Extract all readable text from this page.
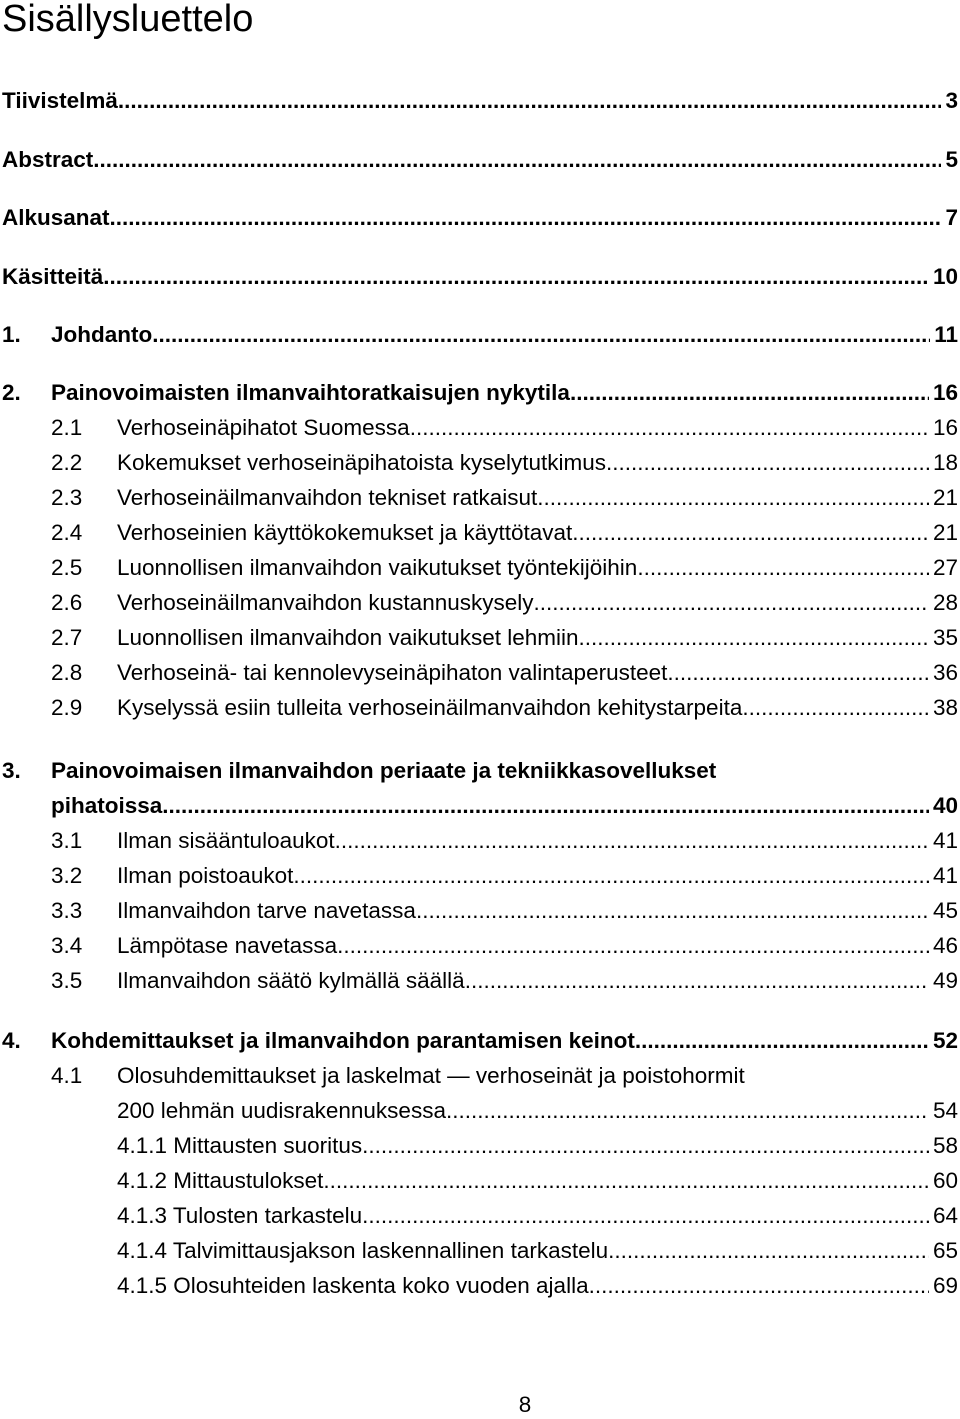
Sisällysluettelo
Tiivistelmä .....	3
Abstract .....	5
Alkusanat .....	7
Käsitteitä .....	10
1. Johdanto .....	11
2. Painovoimaisten ilmanvaihtoratkaisujen nykytila .....	16
2.1 Verhoseinäpihatot Suomessa .....	16
2.2 Kokemukset verhoseinäpihatoista kyselytutkimus .....	18
2.3 Verhoseinäilmanvaihdon tekniset ratkaisut .....	21
2.4 Verhoseinien käyttökokemukset ja käyttötavat .....	21
2.5 Luonnollisen ilmanvaihdon vaikutukset työntekijöihin .....	27
2.6 Verhoseinäilmanvaihdon kustannuskysely .....	28
2.7 Luonnollisen ilmanvaihdon vaikutukset lehmiin .....	35
2.8 Verhoseinä- tai kennolevyseinäpihaton valintaperusteet .....	36
2.9 Kyselyssä esiin tulleita verhoseinäilmanvaihdon kehitystarpeita .....	38
3. Painovoimaisen ilmanvaihdon periaate ja tekniikkasovellukset
pihatoissa .....	40
3.1 Ilman sisääntuloaukot .....	41
3.2 Ilman poistoaukot .....	41
3.3 Ilmanvaihdon tarve navetassa .....	45
3.4 Lämpötase navetassa .....	46
3.5 Ilmanvaihdon säätö kylmällä säällä .....	49
4. Kohdemittaukset ja ilmanvaihdon parantamisen keinot .....	52
4.1 Olosuhdemittaukset ja laskelmat — verhoseinät ja poistohormit
200 lehmän uudisrakennuksessa .....	54
4.1.1 Mittausten suoritus .....	58
4.1.2 Mittaustulokset .....	60
4.1.3 Tulosten tarkastelu .....	64
4.1.4 Talvimittausjakson laskennallinen tarkastelu. .....	65
4.1.5 Olosuhteiden laskenta koko vuoden ajalla .....	69
8
